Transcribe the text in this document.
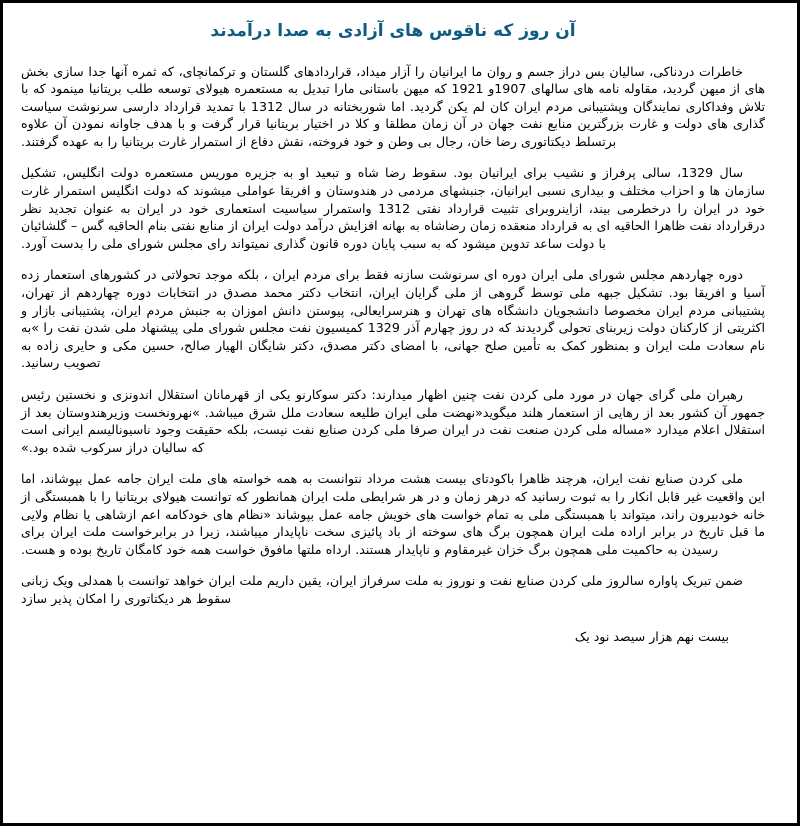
آن روز که ناقوس های آزادی به صدا درآمدند

خاطرات دردناکی، سالیان بس دراز جسم و روان ما ایرانیان را آزار میداد، قراردادهای گلستان و ترکمانچای، که ثمره آنها جدا سازی بخش های از میهن گردید، مقاوله نامه های سالهای 1907و 1921 که میهن باستانی مارا تبدیل به مستعمره هیولای توسعه طلب بریتانیا مینمود که با تلاش وفداکاری نمایندگان وپشتیبانی مردم ایران کان لم یکن گردید. اما شوربختانه در سال 1312 با تمدید قرارداد دارسی سرنوشت سیاست گذاری های دولت و غارت بزرگترین منابع نفت جهان در آن زمان مطلقا و کلا در اختیار بریتانیا قرار گرفت و با هدف جاوانه نمودن آن علاوه برتسلط دیکتاتوری رضا خان، رجال بی وطن و خود فروخته، نقش دفاع از استمرار غارت بریتانیا را به عهده گرفتند.

سال 1329، سالی پرفراز و نشیب برای ایرانیان بود. سقوط رضا شاه و تبعید او به جزیره موریس مستعمره دولت انگلیس، تشکیل سازمان ها و احزاب مختلف و بیداری نسبی ایرانیان، جنبشهای مردمی در هندوستان و افریقا عواملی میشوند که دولت انگلیس استمرار غارت خود در ایران را درخطرمی بیند، ازاینروبرای تثبیت قرارداد نفتی 1312 واستمرار سیاسیت استعماری خود در ایران به عنوان تجدید نظر درقرارداد نفت ظاهرا الحاقیه ای به قرارداد منعقده زمان رضاشاه به بهانه افزایش درآمد دولت ایران از منابع نفتی بنام الحاقیه گس – گلشائیان با دولت ساعد تدوین میشود که به سبب پایان دوره قانون گذاری نمیتواند رای مجلس شورای ملی را بدست آورد.

دوره چهاردهم مجلس شورای ملی ایران دوره ای سرنوشت سازنه فقط برای مردم ایران ، بلکه موجد تحولاتی در کشورهای استعمار زده آسیا و افریقا بود. تشکیل جبهه ملی توسط گروهی از ملی گرایان ایران، انتخاب دکتر محمد مصدق در انتخابات دوره چهاردهم از تهران، پشتیبانی مردم ایران مخصوصا دانشجویان دانشگاه های تهران و هنرسرایعالی، پیوستن دانش اموزان به جنبش مردم ایران، پشتیبانی بازار و اکثریتی از کارکنان دولت زیربنای تحولی گردیدند که در روز چهارم آذر 1329 کمیسیون نفت مجلس شورای ملی پیشنهاد ملی شدن نفت را »به نام سعادت ملت ایران و بمنظور کمک به تأمین صلح جهانی، با امضای دکتر مصدق، دکتر شایگان الهیار صالح، حسین مکی و حایری زاده به تصویب رسانید.

رهبران ملی گرای جهان در مورد ملی کردن نفت چنین اظهار میدارند: دکتر سوکارنو یکی از قهرمانان استقلال اندونزی و نخستین رئیس جمهور آن کشور بعد از رهایی از استعمار هلند میگوید«نهضت ملی ایران طلیعه سعادت ملل شرق میباشد. »نهرونخست وزیرهندوستان بعد از استقلال اعلام میدارد «مساله ملی کردن صنعت نفت در ایران صرفا ملی کردن صنایع نفت نیست، بلکه حقیقت وجود ناسیونالیسم ایرانی است که سالیان دراز سرکوب شده بود.»

ملی کردن صنایع نفت ایران، هرچند ظاهرا باکودتای بیست هشت مرداد نتوانست به همه خواسته های ملت ایران جامه عمل بپوشاند، اما این واقعیت غیر قابل انکار را به ثبوت رسانید که درهر زمان و در هر شرایطی ملت ایران همانطور که توانست هیولای بریتانیا را با همبستگی از خانه خودبیرون راند، میتواند با همبستگی ملی به تمام خواست های خویش جامه عمل بپوشاند «نظام های خودکامه اعم ازشاهی یا نظام ولایی ما قبل تاریخ در برابر اراده ملت ایران همچون برگ های سوخته از باد پائیزی سخت ناپایدار میباشند، زیرا در برابرخواست ملت ایران برای رسیدن به حاکمیت ملی همچون برگ خزان غیرمقاوم و ناپایدار هستند. ارداه ملتها مافوق خواست همه خود کامگان تاریخ بوده و هست.

ضمن تبریک پاواره سالروز ملی کردن صنایع نفت و نوروز به ملت سرفراز ایران، یقین داریم ملت ایران خواهد توانست با همدلی ویک زبانی سقوط هر دیکتاتوری را امکان پذیر سازد

بیست نهم هزار سیصد نود یک
